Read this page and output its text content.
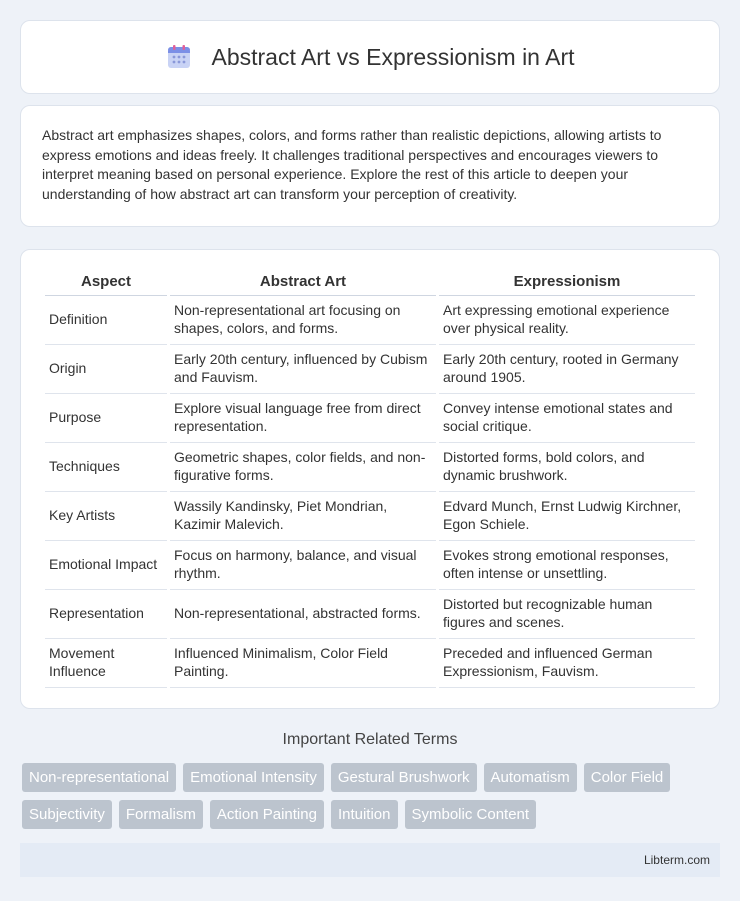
Abstract Art vs Expressionism in Art

Abstract art emphasizes shapes, colors, and forms rather than realistic depictions, allowing artists to express emotions and ideas freely. It challenges traditional perspectives and encourages viewers to interpret meaning based on personal experience. Explore the rest of this article to deepen your understanding of how abstract art can transform your perception of creativity.

Aspect	Abstract Art	Expressionism
Definition	Non-representational art focusing on shapes, colors, and forms.	Art expressing emotional experience over physical reality.
Origin	Early 20th century, influenced by Cubism and Fauvism.	Early 20th century, rooted in Germany around 1905.
Purpose	Explore visual language free from direct representation.	Convey intense emotional states and social critique.
Techniques	Geometric shapes, color fields, and non-figurative forms.	Distorted forms, bold colors, and dynamic brushwork.
Key Artists	Wassily Kandinsky, Piet Mondrian, Kazimir Malevich.	Edvard Munch, Ernst Ludwig Kirchner, Egon Schiele.
Emotional Impact	Focus on harmony, balance, and visual rhythm.	Evokes strong emotional responses, often intense or unsettling.
Representation	Non-representational, abstracted forms.	Distorted but recognizable human figures and scenes.
Movement Influence	Influenced Minimalism, Color Field Painting.	Preceded and influenced German Expressionism, Fauvism.
Important Related Terms
Non-representational	Emotional Intensity	Gestural Brushwork	Automatism	Color Field
Subjectivity	Formalism	Action Painting	Intuition	Symbolic Content
Libterm.com
